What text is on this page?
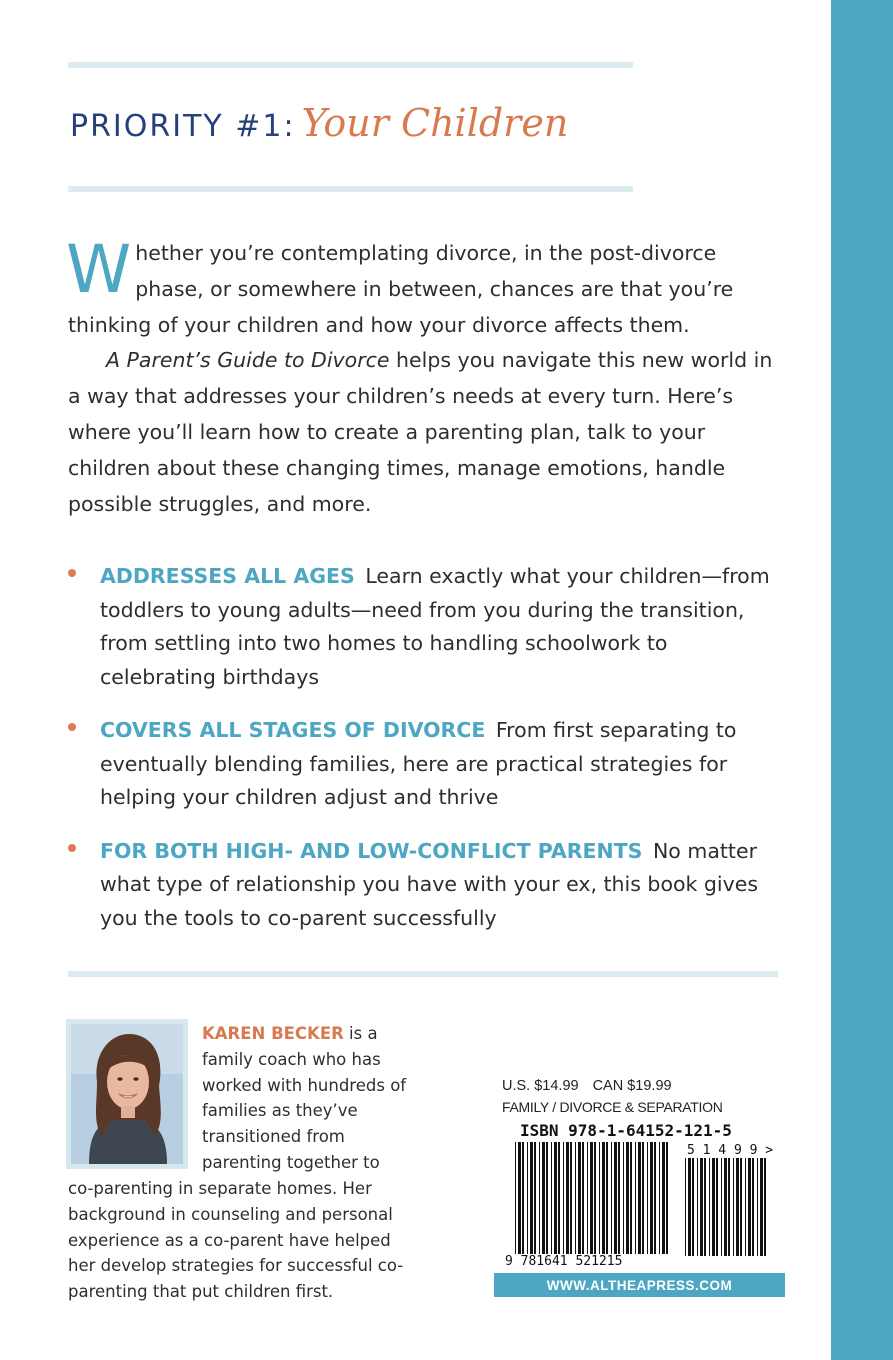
PRIORITY #1: Your Children

Whether you’re contemplating divorce, in the post-divorce phase, or somewhere in between, chances are that you’re thinking of your children and how your divorce affects them.

A Parent’s Guide to Divorce helps you navigate this new world in a way that addresses your children’s needs at every turn. Here’s where you’ll learn how to create a parenting plan, talk to your children about these changing times, manage emotions, handle possible struggles, and more.

ADDRESSES ALL AGES Learn exactly what your children—from toddlers to young adults—need from you during the transition, from settling into two homes to handling schoolwork to celebrating birthdays
COVERS ALL STAGES OF DIVORCE From first separating to eventually blending families, here are practical strategies for helping your children adjust and thrive
FOR BOTH HIGH- AND LOW-CONFLICT PARENTS No matter what type of relationship you have with your ex, this book gives you the tools to co-parent successfully
KAREN BECKER is a family coach who has worked with hundreds of families as they’ve transitioned from parenting together to
co-parenting in separate homes. Her background in counseling and personal experience as a co-parent have helped her develop strategies for successful co-parenting that put children first.
U.S. $14.99 CAN $19.99
FAMILY / DIVORCE & SEPARATION
ISBN 978-1-64152-121-5
9 781641 521215
5 1 4 9 9 >
WWW.ALTHEAPRESS.COM
